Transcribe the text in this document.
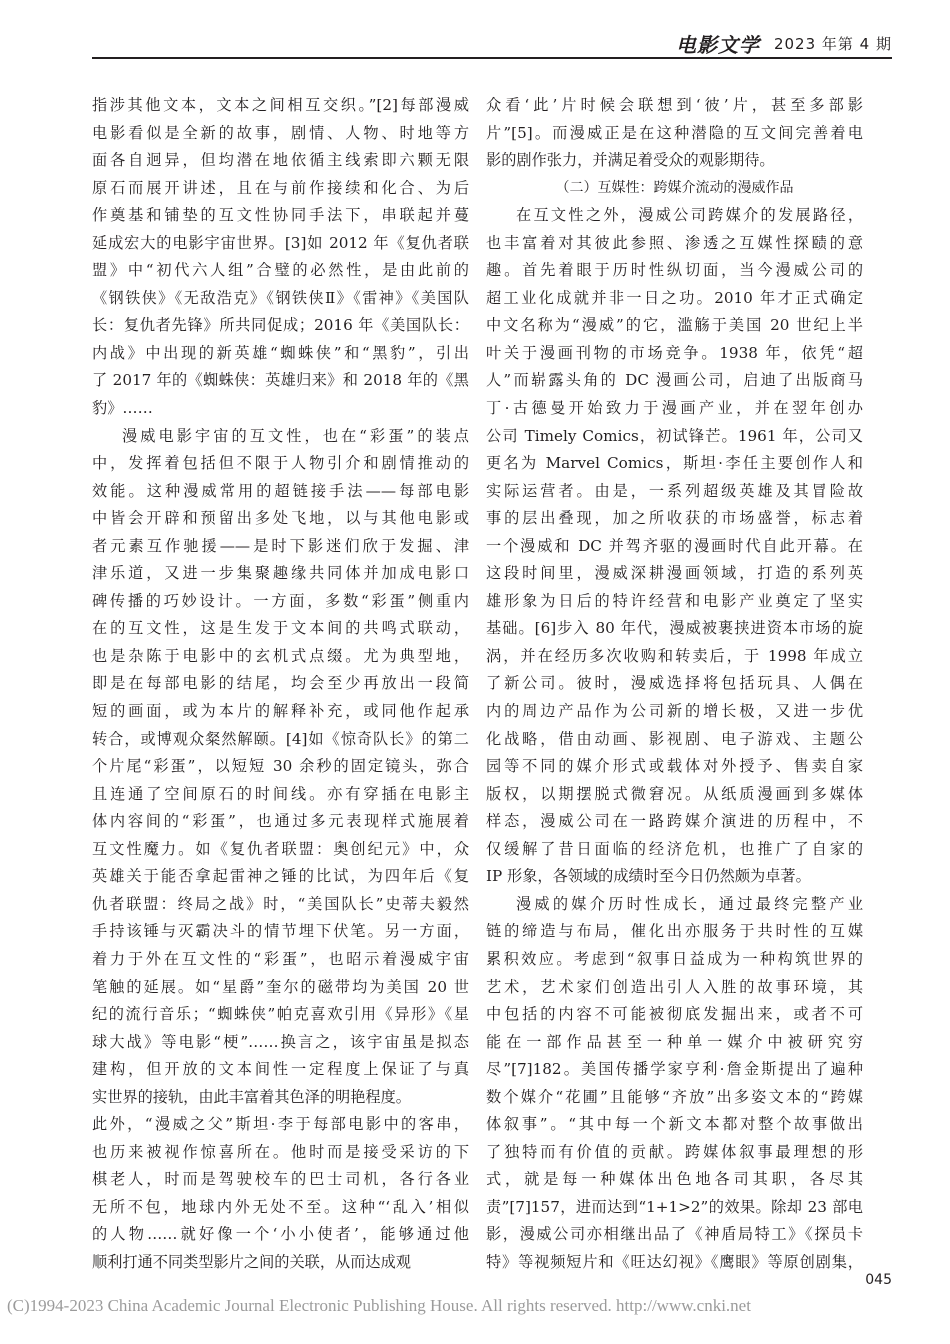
电影文学 2023 年第 4 期
指涉其他文本，文本之间相互交织。”[2]每部漫威
电影看似是全新的故事，剧情、人物、时地等方
面各自迥异，但均潜在地依循主线索即六颗无限
原石而展开讲述，且在与前作接续和化合、为后
作奠基和铺垫的互文性协同手法下，串联起并蔓
延成宏大的电影宇宙世界。[3]如 2012 年《复仇者联
盟》中“初代六人组”合璧的必然性，是由此前的
《钢铁侠》《无敌浩克》《钢铁侠Ⅱ》《雷神》《美国队
长：复仇者先锋》所共同促成；2016 年《美国队长：
内战》中出现的新英雄“蜘蛛侠”和“黑豹”，引出
了 2017 年的《蜘蛛侠：英雄归来》和 2018 年的《黑
豹》……
漫威电影宇宙的互文性，也在“彩蛋”的装点
中，发挥着包括但不限于人物引介和剧情推动的
效能。这种漫威常用的超链接手法——每部电影
中皆会开辟和预留出多处飞地，以与其他电影或
者元素互作驰援——是时下影迷们欣于发掘、津
津乐道，又进一步集聚趣缘共同体并加成电影口
碑传播的巧妙设计。一方面，多数“彩蛋”侧重内
在的互文性，这是生发于文本间的共鸣式联动，
也是杂陈于电影中的玄机式点缀。尤为典型地，
即是在每部电影的结尾，均会至少再放出一段简
短的画面，或为本片的解释补充，或同他作起承
转合，或博观众粲然解颐。[4]如《惊奇队长》的第二
个片尾“彩蛋”，以短短 30 余秒的固定镜头，弥合
且连通了空间原石的时间线。亦有穿插在电影主
体内容间的“彩蛋”，也通过多元表现样式施展着
互文性魔力。如《复仇者联盟：奥创纪元》中，众
英雄关于能否拿起雷神之锤的比试，为四年后《复
仇者联盟：终局之战》时，“美国队长”史蒂夫毅然
手持该锤与灭霸决斗的情节埋下伏笔。另一方面，
着力于外在互文性的“彩蛋”，也昭示着漫威宇宙
笔触的延展。如“星爵”奎尔的磁带均为美国 20 世
纪的流行音乐；“蜘蛛侠”帕克喜欢引用《异形》《星
球大战》等电影“梗”……换言之，该宇宙虽是拟态
建构，但开放的文本间性一定程度上保证了与真
实世界的接轨，由此丰富着其色泽的明艳程度。
此外，“漫威之父”斯坦·李于每部电影中的客串，
也历来被视作惊喜所在。他时而是接受采访的下
棋老人，时而是驾驶校车的巴士司机，各行各业
无所不包，地球内外无处不至。这种“‘乱入’相似
的人物……就好像一个‘小小使者’，能够通过他
顺利打通不同类型影片之间的关联，从而达成观
众看‘此’片时候会联想到‘彼’片，甚至多部影
片”[5]。而漫威正是在这种潜隐的互文间完善着电
影的剧作张力，并满足着受众的观影期待。
（二）互媒性：跨媒介流动的漫威作品
在互文性之外，漫威公司跨媒介的发展路径，
也丰富着对其彼此参照、渗透之互媒性探赜的意
趣。首先着眼于历时性纵切面，当今漫威公司的
超工业化成就并非一日之功。2010 年才正式确定
中文名称为“漫威”的它，滥觞于美国 20 世纪上半
叶关于漫画刊物的市场竞争。1938 年，依凭“超
人”而崭露头角的 DC 漫画公司，启迪了出版商马
丁·古德曼开始致力于漫画产业，并在翌年创办
公司 Timely Comics，初试锋芒。1961 年，公司又
更名为 Marvel Comics，斯坦·李任主要创作人和
实际运营者。由是，一系列超级英雄及其冒险故
事的层出叠现，加之所收获的市场盛誉，标志着
一个漫威和 DC 并驾齐驱的漫画时代自此开幕。在
这段时间里，漫威深耕漫画领域，打造的系列英
雄形象为日后的特许经营和电影产业奠定了坚实
基础。[6]步入 80 年代，漫威被裹挟进资本市场的旋
涡，并在经历多次收购和转卖后，于 1998 年成立
了新公司。彼时，漫威选择将包括玩具、人偶在
内的周边产品作为公司新的增长极，又进一步优
化战略，借由动画、影视剧、电子游戏、主题公
园等不同的媒介形式或载体对外授予、售卖自家
版权，以期摆脱式微窘况。从纸质漫画到多媒体
样态，漫威公司在一路跨媒介演进的历程中，不
仅缓解了昔日面临的经济危机，也推广了自家的
IP 形象，各领域的成绩时至今日仍然颇为卓著。
漫威的媒介历时性成长，通过最终完整产业
链的缔造与布局，催化出亦服务于共时性的互媒
累积效应。考虑到“叙事日益成为一种构筑世界的
艺术，艺术家们创造出引人入胜的故事环境，其
中包括的内容不可能被彻底发掘出来，或者不可
能在一部作品甚至一种单一媒介中被研究穷
尽”[7]182。美国传播学家亨利·詹金斯提出了遍种
数个媒介“花圃”且能够“齐放”出多姿文本的“跨媒
体叙事”。“其中每一个新文本都对整个故事做出
了独特而有价值的贡献。跨媒体叙事最理想的形
式，就是每一种媒体出色地各司其职，各尽其
责”[7]157，进而达到“1+1>2”的效果。除却 23 部电
影，漫威公司亦相继出品了《神盾局特工》《探员卡
特》等视频短片和《旺达幻视》《鹰眼》等原创剧集，
045
(C)1994-2023 China Academic Journal Electronic Publishing House. All rights reserved. http://www.cnki.net
